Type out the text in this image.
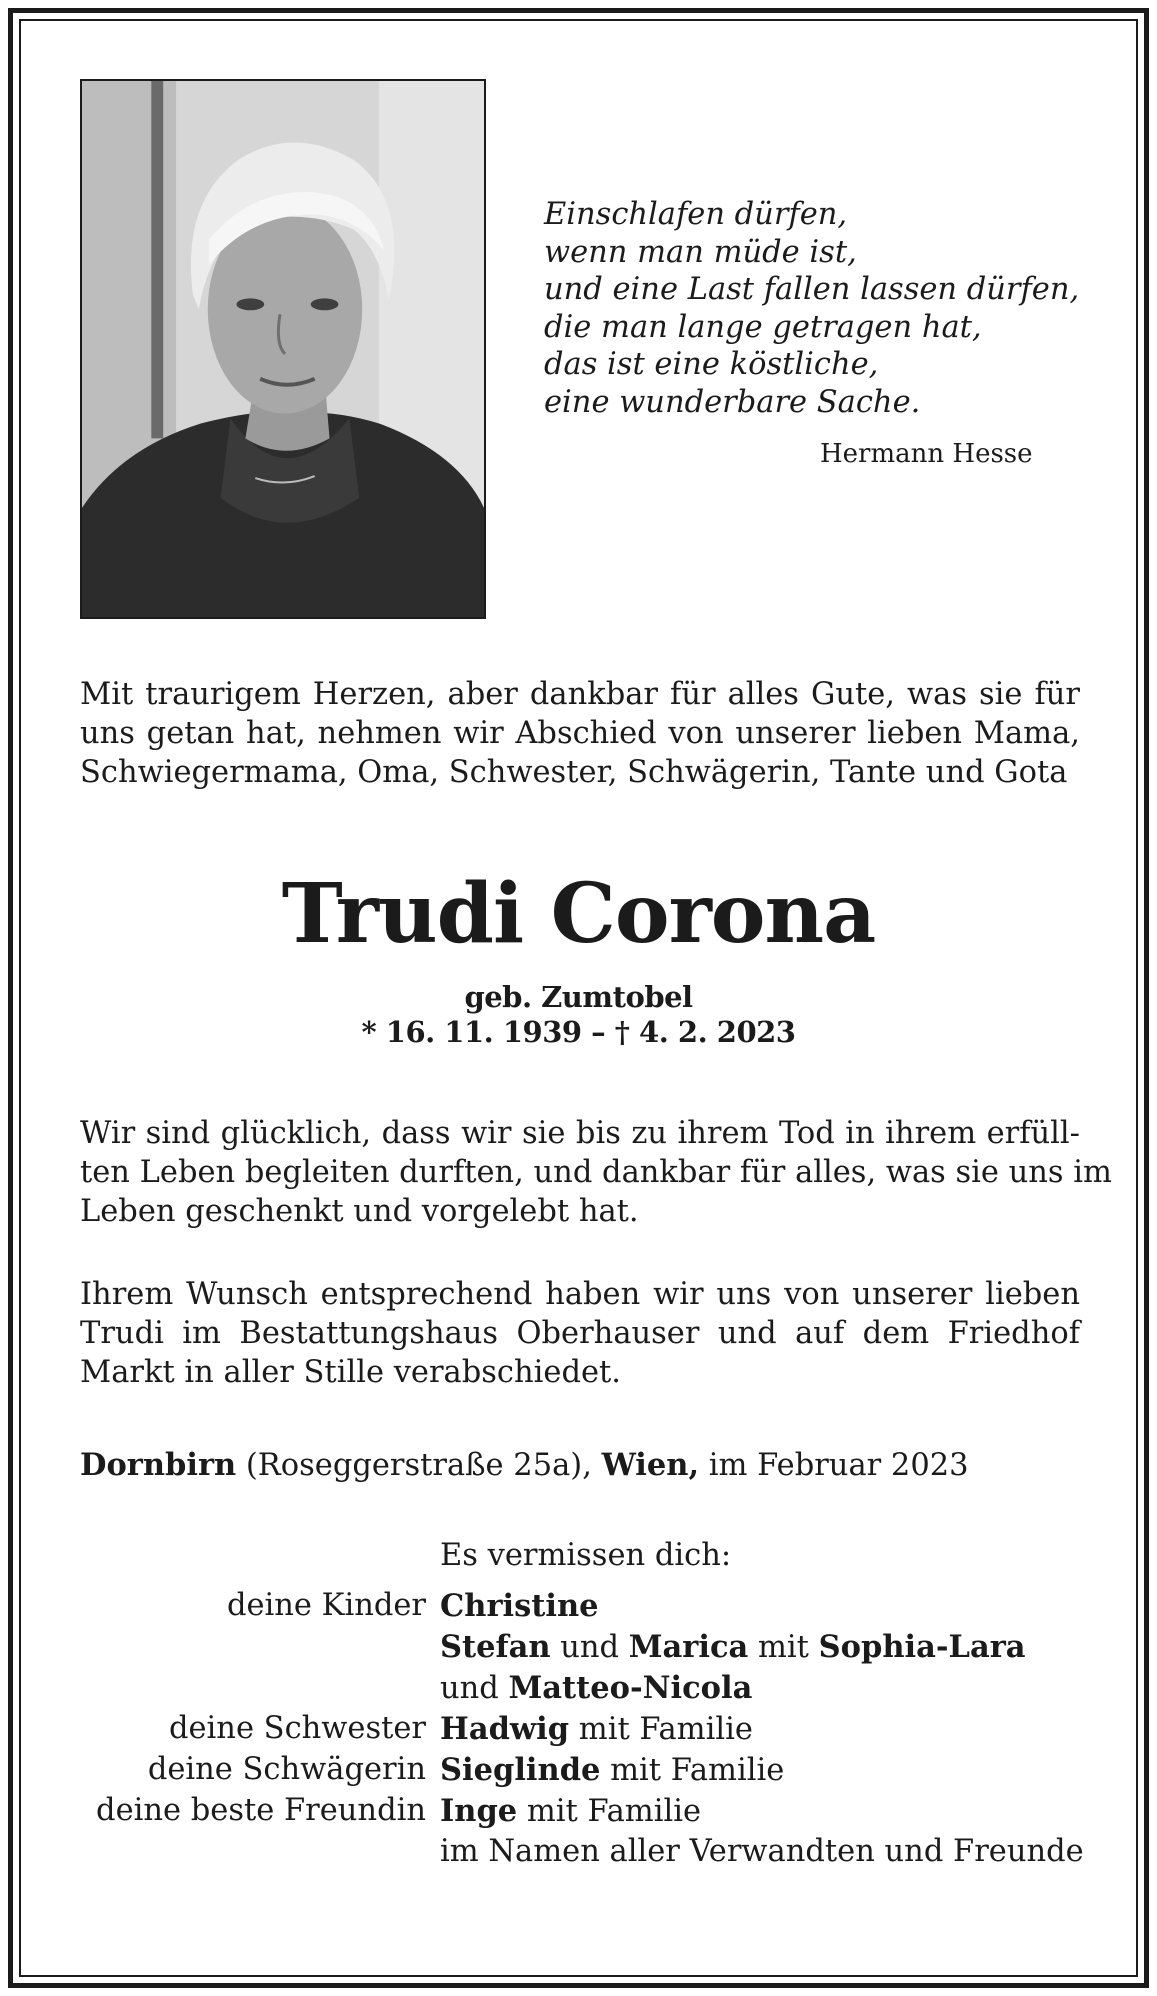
Einschlafen dürfen,
wenn man müde ist,
und eine Last fallen lassen dürfen,
die man lange getragen hat,
das ist eine köstliche,
eine wunderbare Sache.
Hermann Hesse
Mit traurigem Herzen, aber dankbar für alles Gute, was sie für
uns getan hat, nehmen wir Abschied von unserer lieben Mama,
Schwiegermama, Oma, Schwester, Schwägerin, Tante und Gota
Trudi Corona
geb. Zumtobel
* 16. 11. 1939 – † 4. 2. 2023
Wir sind glücklich, dass wir sie bis zu ihrem Tod in ihrem erfüll-
ten Leben begleiten durften, und dankbar für alles, was sie uns im
Leben geschenkt und vorgelebt hat.
Ihrem Wunsch entsprechend haben wir uns von unserer lieben
Trudi im Bestattungshaus Oberhauser und auf dem Friedhof
Markt in aller Stille verabschiedet.
Dornbirn (Roseggerstraße 25a), Wien, im Februar 2023
Es vermissen dich:
deine Kinder Christine
Stefan und Marica mit Sophia-Lara
und Matteo-Nicola
deine Schwester Hadwig mit Familie
deine Schwägerin Sieglinde mit Familie
deine beste Freundin Inge mit Familie
im Namen aller Verwandten und Freunde
